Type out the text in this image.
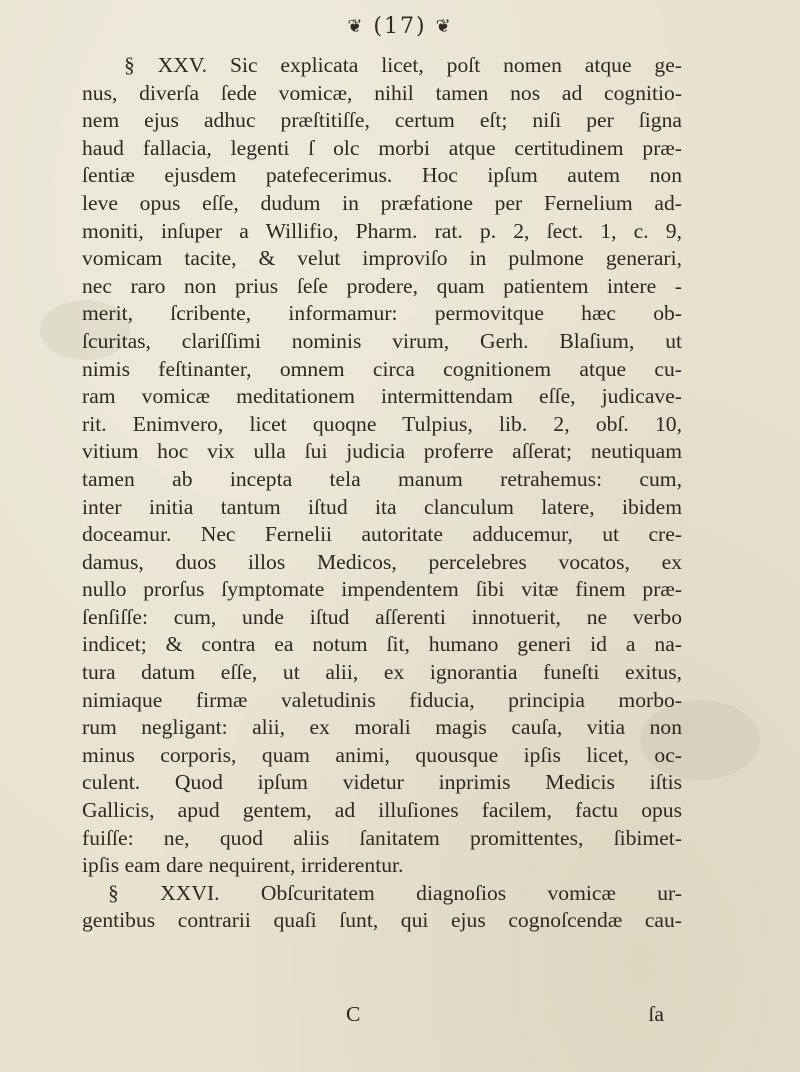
❦ (17) ❦
§ XXV. Sic explicata licet, poſt nomen atque ge-
nus, diverſa ſede vomicæ, nihil tamen nos ad cognitio-
nem ejus adhuc præſtitiſſe, certum eſt; niſi per ſigna
haud fallacia, legenti ſ olc morbi atque certitudinem præ-
ſentiæ ejusdem patefecerimus. Hoc ipſum autem non
leve opus eſſe, dudum in præfatione per Fernelium ad-
moniti, inſuper a Willifio, Pharm. rat. p. 2, ſect. 1, c. 9,
vomicam tacite, & velut improviſo in pulmone generari,
nec raro non prius ſeſe prodere, quam patientem intere -
merit, ſcribente, informamur: permovitque hæc ob-
ſcuritas, clariſſimi nominis virum, Gerh. Blaſium, ut
nimis feſtinanter, omnem circa cognitionem atque cu-
ram vomicæ meditationem intermittendam eſſe, judicave-
rit. Enimvero, licet quoqne Tulpius, lib. 2, obſ. 10,
vitium hoc vix ulla ſui judicia proferre aſſerat; neutiquam
tamen ab incepta tela manum retrahemus: cum,
inter initia tantum iſtud ita clanculum latere, ibidem
doceamur. Nec Fernelii autoritate adducemur, ut cre-
damus, duos illos Medicos, percelebres vocatos, ex
nullo prorſus ſymptomate impendentem ſibi vitæ finem præ-
ſenſiſſe: cum, unde iſtud aſſerenti innotuerit, ne verbo
indicet; & contra ea notum ſit, humano generi id a na-
tura datum eſſe, ut alii, ex ignorantia funeſti exitus,
nimiaque firmæ valetudinis fiducia, principia morbo-
rum negligant: alii, ex morali magis cauſa, vitia non
minus corporis, quam animi, quousque ipſis licet, oc-
culent. Quod ipſum videtur inprimis Medicis iſtis
Gallicis, apud gentem, ad illuſiones facilem, factu opus
fuiſſe: ne, quod aliis ſanitatem promittentes, ſibimet-
ipſis eam dare nequirent, irriderentur.
§ XXVI. Obſcuritatem diagnoſios vomicæ ur-
gentibus contrarii quaſi ſunt, qui ejus cognoſcendæ cau-
C	ſa
